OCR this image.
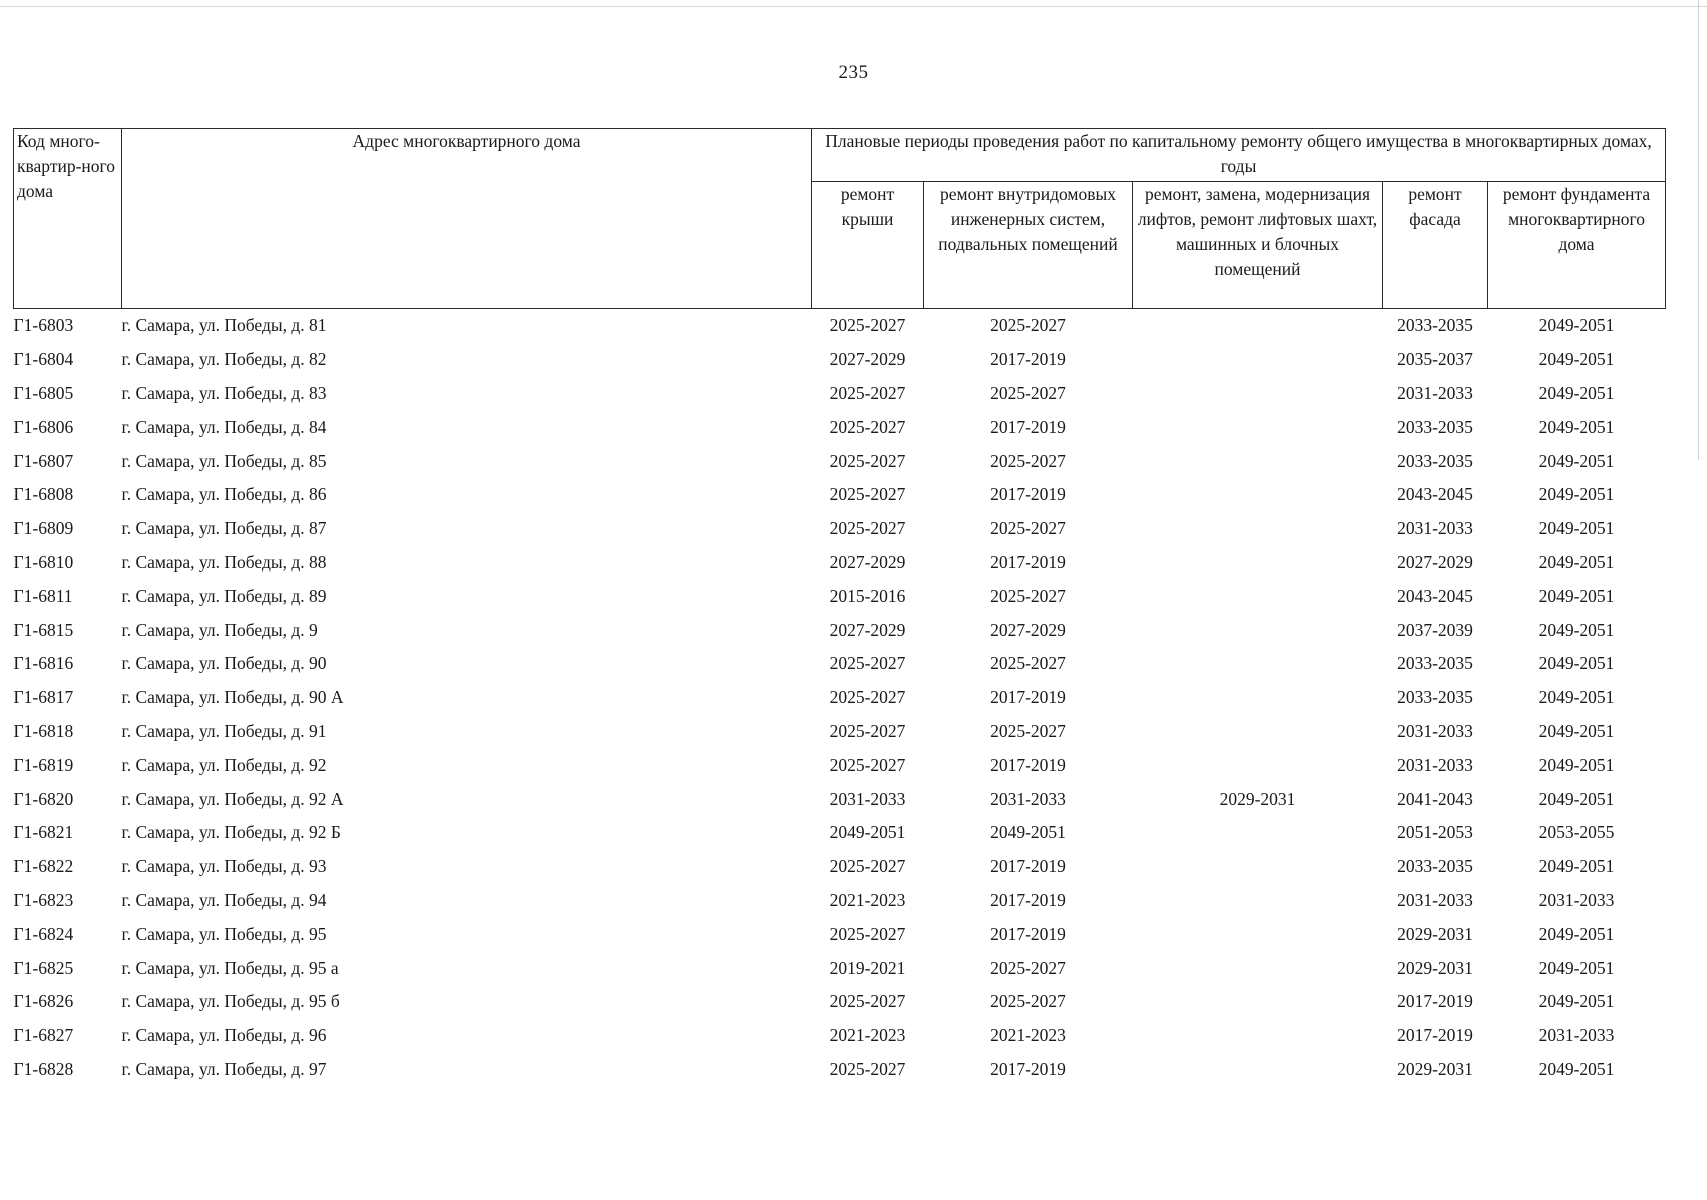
235
Код много-квартир-ного дома	Адрес многоквартирного дома	Плановые периоды проведения работ по капитальному ремонту общего имущества в многоквартирных домах, годы				
		ремонт крыши	ремонт внутридомовых инженерных систем, подвальных помещений	ремонт, замена, модернизация лифтов, ремонт лифтовых шахт, машинных и блочных помещений	ремонт фасада	ремонт фундамента многоквартирного дома
Г1-6803	г. Самара, ул. Победы, д. 81	2025-2027	2025-2027		2033-2035	2049-2051
Г1-6804	г. Самара, ул. Победы, д. 82	2027-2029	2017-2019		2035-2037	2049-2051
Г1-6805	г. Самара, ул. Победы, д. 83	2025-2027	2025-2027		2031-2033	2049-2051
Г1-6806	г. Самара, ул. Победы, д. 84	2025-2027	2017-2019		2033-2035	2049-2051
Г1-6807	г. Самара, ул. Победы, д. 85	2025-2027	2025-2027		2033-2035	2049-2051
Г1-6808	г. Самара, ул. Победы, д. 86	2025-2027	2017-2019		2043-2045	2049-2051
Г1-6809	г. Самара, ул. Победы, д. 87	2025-2027	2025-2027		2031-2033	2049-2051
Г1-6810	г. Самара, ул. Победы, д. 88	2027-2029	2017-2019		2027-2029	2049-2051
Г1-6811	г. Самара, ул. Победы, д. 89	2015-2016	2025-2027		2043-2045	2049-2051
Г1-6815	г. Самара, ул. Победы, д. 9	2027-2029	2027-2029		2037-2039	2049-2051
Г1-6816	г. Самара, ул. Победы, д. 90	2025-2027	2025-2027		2033-2035	2049-2051
Г1-6817	г. Самара, ул. Победы, д. 90 А	2025-2027	2017-2019		2033-2035	2049-2051
Г1-6818	г. Самара, ул. Победы, д. 91	2025-2027	2025-2027		2031-2033	2049-2051
Г1-6819	г. Самара, ул. Победы, д. 92	2025-2027	2017-2019		2031-2033	2049-2051
Г1-6820	г. Самара, ул. Победы, д. 92 А	2031-2033	2031-2033	2029-2031	2041-2043	2049-2051
Г1-6821	г. Самара, ул. Победы, д. 92 Б	2049-2051	2049-2051		2051-2053	2053-2055
Г1-6822	г. Самара, ул. Победы, д. 93	2025-2027	2017-2019		2033-2035	2049-2051
Г1-6823	г. Самара, ул. Победы, д. 94	2021-2023	2017-2019		2031-2033	2031-2033
Г1-6824	г. Самара, ул. Победы, д. 95	2025-2027	2017-2019		2029-2031	2049-2051
Г1-6825	г. Самара, ул. Победы, д. 95 а	2019-2021	2025-2027		2029-2031	2049-2051
Г1-6826	г. Самара, ул. Победы, д. 95 б	2025-2027	2025-2027		2017-2019	2049-2051
Г1-6827	г. Самара, ул. Победы, д. 96	2021-2023	2021-2023		2017-2019	2031-2033
Г1-6828	г. Самара, ул. Победы, д. 97	2025-2027	2017-2019		2029-2031	2049-2051
